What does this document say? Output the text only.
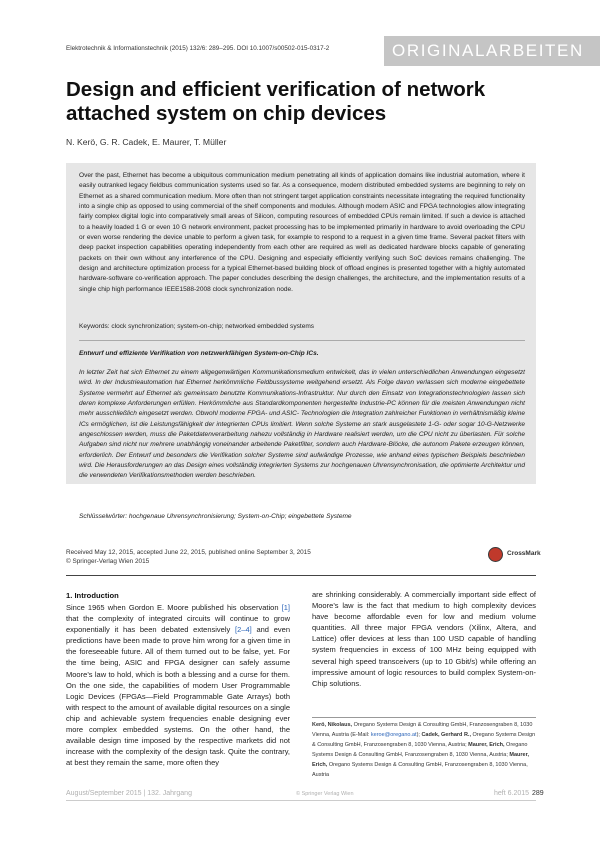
Elektrotechnik & Informationstechnik (2015) 132/6: 289–295. DOI 10.1007/s00502-015-0317-2	ORIGINALARBEITEN
Design and efficient verification of network attached system on chip devices
N. Kerö, G. R. Cadek, E. Maurer, T. Müller

Over the past, Ethernet has become a ubiquitous communication medium penetrating all kinds of application domains like industrial automation, where it easily outranked legacy fieldbus communication systems used so far. As a consequence, modern distributed embedded systems are beginning to rely on Ethernet as a shared communication medium. More often than not stringent target application constraints necessitate integrating the required functionality into a single chip as opposed to using commercial of the shelf components and modules. Although modern ASIC and FPGA technologies allow integrating fairly complex digital logic into comparatively small areas of Silicon, computing resources of embedded CPUs remain limited. If such a device is attached to a heavily loaded 1 G or even 10 G network environment, packet processing has to be implemented primarily in hardware to avoid overloading the CPU or even worse rendering the device unable to perform a given task, for example to respond to a request in a given time frame. Several packet filters with deep packet inspection capabilities operating independently from each other are required as well as dedicated hardware blocks capable of generating packets on their own without any interference of the CPU. Designing and especially efficiently verifying such SoC devices remains challenging. The design and architecture optimization process for a typical Ethernet-based building block of offload engines is presented together with a highly automated hardware-software co-verification approach. The paper concludes describing the design challenges, the architecture, and the implementation results of a single chip high performance IEEE1588-2008 clock synchronization node.

Keywords: clock synchronization; system-on-chip; networked embedded systems
Entwurf und effiziente Verifikation von netzwerkfähigen System-on-Chip ICs.

In letzter Zeit hat sich Ethernet zu einem allgegenwärtigen Kommunikationsmedium entwickelt, das in vielen unterschiedlichen Anwendungen eingesetzt wird. In der Industrieautomation hat Ethernet herkömmliche Feldbussysteme weitgehend ersetzt. Als Folge davon verlassen sich moderne eingebettete Systeme vermehrt auf Ethernet als gemeinsam benutzte Kommunikations-Infrastruktur. Nur durch den Einsatz von Integrationstechnologien lassen sich deren komplexe Anforderungen erfüllen. Herkömmliche aus Standardkomponenten hergestellte Industrie-PC können für die meisten Anwendungen nicht mehr ausschließlich eingesetzt werden. Obwohl moderne FPGA- und ASIC- Technologien die Integration zahlreicher Funktionen in verhältnismäßig kleine ICs ermöglichen, ist die Leistungsfähigkeit der integrierten CPUs limitiert. Wenn solche Systeme an stark ausgelastete 1-G- oder sogar 10-G-Netzwerke angeschlossen werden, muss die Paketdatenverarbeitung nahezu vollständig in Hardware realisiert werden, um die CPU nicht zu überlasten. Für solche Aufgaben sind nicht nur mehrere unabhängig voneinander arbeitende Paketfilter, sondern auch Hardware-Blöcke, die autonom Pakete erzeugen können, erforderlich. Der Entwurf und besonders die Verifikation solcher Systeme sind aufwändige Prozesse, wie anhand eines typischen Beispiels beschrieben wird. Die Herausforderungen an das Design eines vollständig integrierten Systems zur hochgenauen Uhrensynchronisation, die optimierte Architektur und die verwendeten Verifikationsmethoden werden beschrieben.

Schlüsselwörter: hochgenaue Uhrensynchronisierung; System-on-Chip; eingebettete Systeme
Received May 12, 2015, accepted June 22, 2015, published online September 3, 2015
© Springer-Verlag Wien 2015
CrossMark
1. Introduction

Since 1965 when Gordon E. Moore published his observation [1] that the complexity of integrated circuits will continue to grow exponentially it has been debated extensively [2–4] and even predictions have been made to prove him wrong for a given time in the foreseeable future. All of them turned out to be false, yet. For the time being, ASIC and FPGA designer can safely assume Moore’s law to hold, which is both a blessing and a curse for them. On the one side, the capabilities of modern User Programmable Logic Devices (FPGAs—Field Programmable Gate Arrays) both with respect to the amount of available digital resources on a single chip and achievable system frequencies enable designing ever more complex embedded systems. On the other hand, the available design time imposed by the respective markets did not increase with the complexity of the design task. Quite the contrary, at best they remain the same, more often they

are shrinking considerably. A commercially important side effect of Moore’s law is the fact that medium to high complexity devices have become affordable even for low and medium volume quantities. All three major FPGA vendors (Xilinx, Altera, and Lattice) offer devices at less than 100 USD capable of handling system frequencies in excess of 100 MHz being equipped with several high speed transceivers (up to 10 Gbit/s) while offering an impressive amount of logic resources to build complex System-on-Chip solutions.

Kerö, Nikolaus, Oregano Systems Design & Consulting GmbH, Franzosengraben 8, 1030 Vienna, Austria (E-Mail: keroe@oregano.at); Cadek, Gerhard R., Oregano Systems Design & Consulting GmbH, Franzosengraben 8, 1030 Vienna, Austria; Maurer, Erich, Oregano Systems Design & Consulting GmbH, Franzosengraben 8, 1030 Vienna, Austria; Maurer, Erich, Oregano Systems Design & Consulting GmbH, Franzosengraben 8, 1030 Vienna, Austria

August/September 2015 | 132. Jahrgang	© Springer Verlag Wien	heft 6.2015 289
